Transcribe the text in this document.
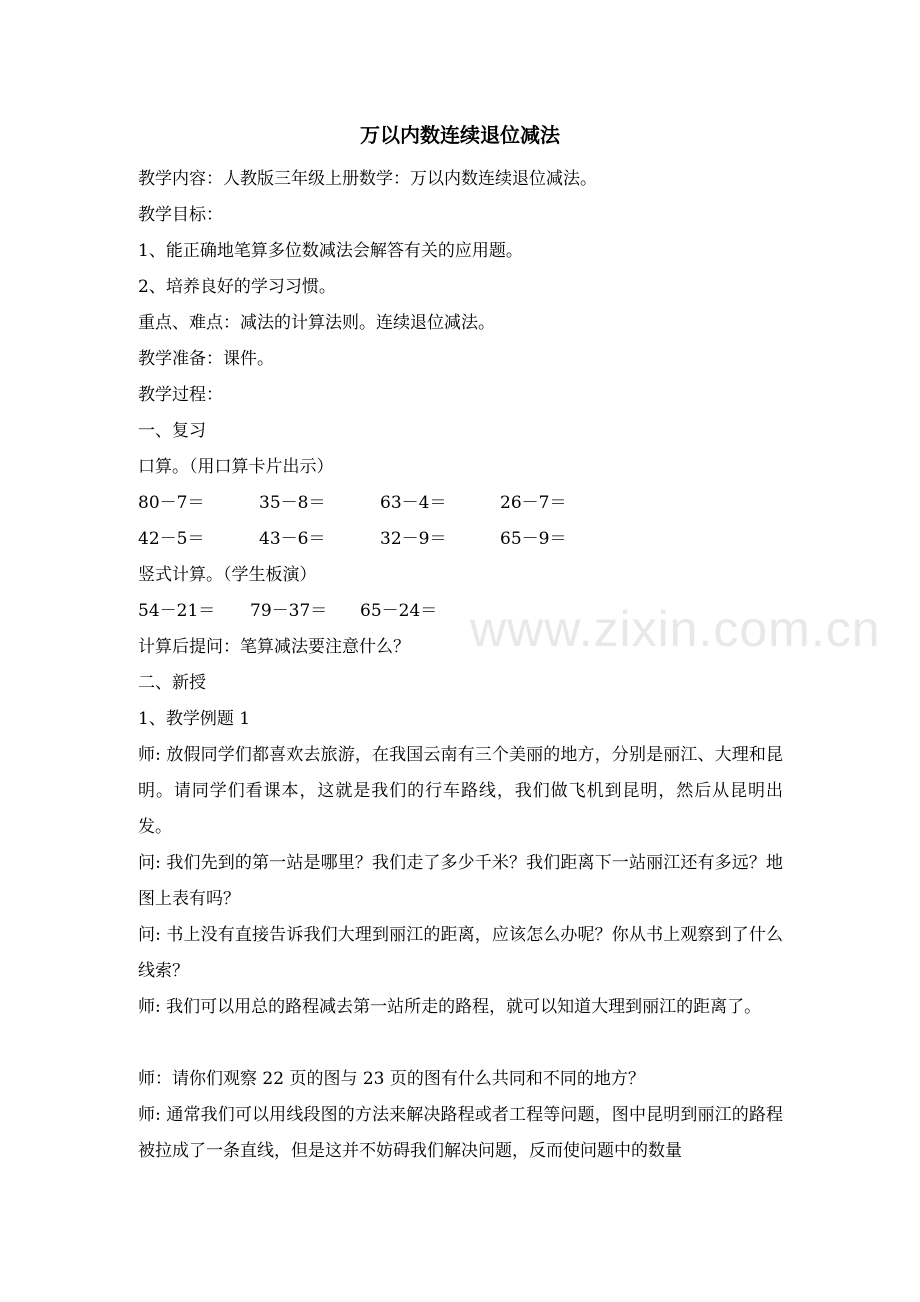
万以内数连续退位减法
教学内容：人教版三年级上册数学：万以内数连续退位减法。
教学目标：
1、能正确地笔算多位数减法会解答有关的应用题。
2、培养良好的学习习惯。
重点、难点：减法的计算法则。连续退位减法。
教学准备：课件。
教学过程：
一、复习
口算。（用口算卡片出示）
80－7＝	35－8＝	63－4＝	26－7＝
42－5＝	43－6＝	32－9＝	65－9＝
竖式计算。（学生板演）
54－21＝ 79－37＝ 65－24＝
计算后提问：笔算减法要注意什么？
二、新授
1、教学例题 1
师: 放假同学们都喜欢去旅游，在我国云南有三个美丽的地方，分别是丽江、大理和昆明。请同学们看课本，这就是我们的行车路线，我们做飞机到昆明，然后从昆明出发。
问: 我们先到的第一站是哪里？我们走了多少千米？我们距离下一站丽江还有多远？地图上表有吗？
问: 书上没有直接告诉我们大理到丽江的距离，应该怎么办呢？你从书上观察到了什么线索？
师: 我们可以用总的路程减去第一站所走的路程，就可以知道大理到丽江的距离了。
师：请你们观察 22 页的图与 23 页的图有什么共同和不同的地方？
师: 通常我们可以用线段图的方法来解决路程或者工程等问题，图中昆明到丽江的路程被拉成了一条直线，但是这并不妨碍我们解决问题，反而使问题中的数量
www.zixin.com.cn
